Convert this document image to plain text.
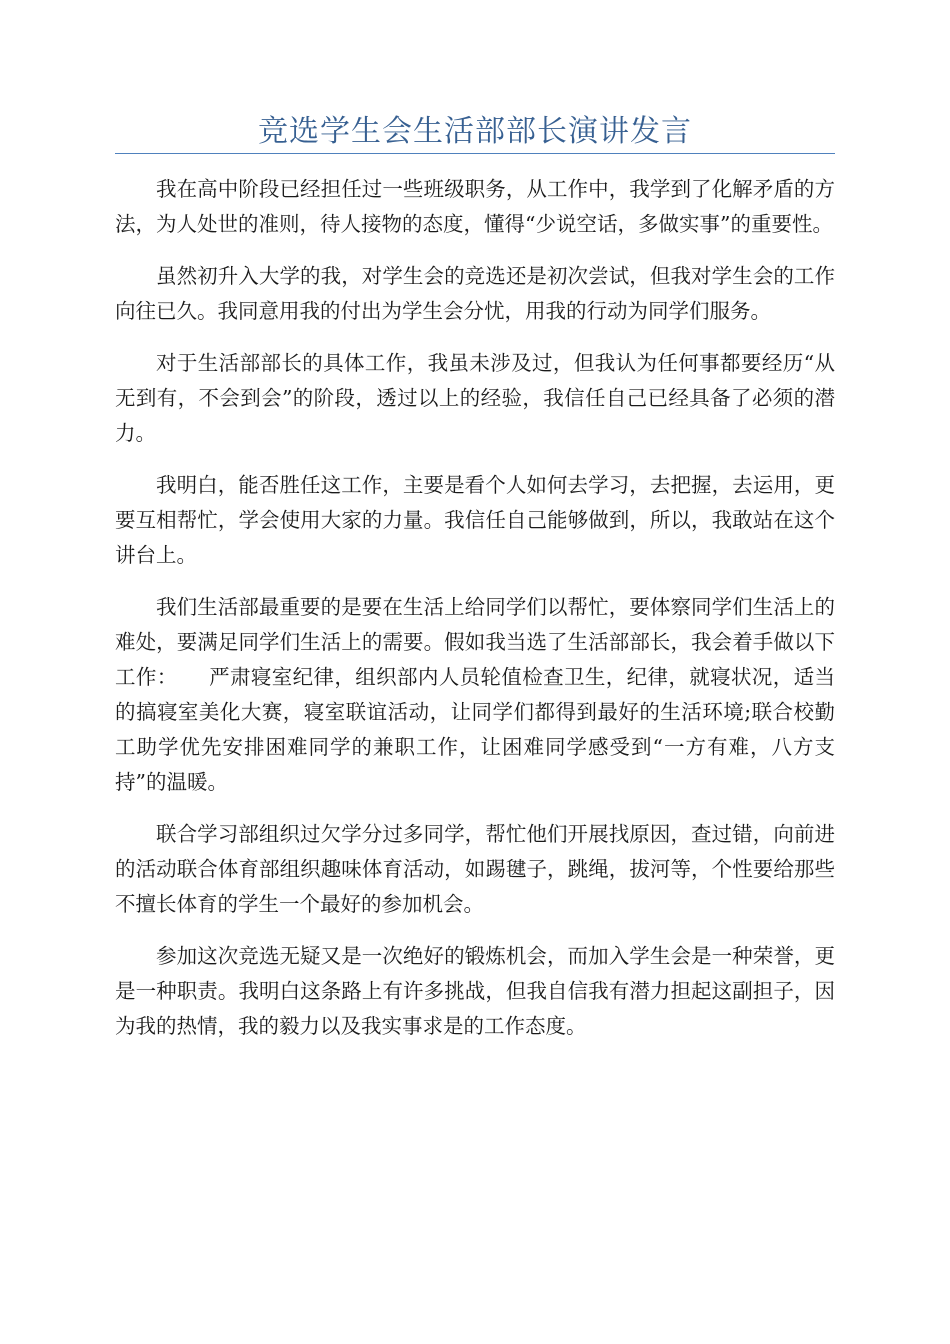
竞选学生会生活部部长演讲发言

我在高中阶段已经担任过一些班级职务，从工作中，我学到了化解矛盾的方法，为人处世的准则，待人接物的态度，懂得“少说空话，多做实事”的重要性。

虽然初升入大学的我，对学生会的竞选还是初次尝试，但我对学生会的工作向往已久。我同意用我的付出为学生会分忧，用我的行动为同学们服务。

对于生活部部长的具体工作，我虽未涉及过，但我认为任何事都要经历“从无到有，不会到会”的阶段，透过以上的经验，我信任自己已经具备了必须的潜力。

我明白，能否胜任这工作，主要是看个人如何去学习，去把握，去运用，更要互相帮忙，学会使用大家的力量。我信任自己能够做到，所以，我敢站在这个讲台上。

我们生活部最重要的是要在生活上给同学们以帮忙，要体察同学们生活上的难处，要满足同学们生活上的需要。假如我当选了生活部部长，我会着手做以下工作：　　严肃寝室纪律，组织部内人员轮值检查卫生，纪律，就寝状况，适当的搞寝室美化大赛，寝室联谊活动，让同学们都得到最好的生活环境;联合校勤工助学优先安排困难同学的兼职工作，让困难同学感受到“一方有难，八方支持”的温暖。

联合学习部组织过欠学分过多同学，帮忙他们开展找原因，查过错，向前进的活动联合体育部组织趣味体育活动，如踢毽子，跳绳，拔河等，个性要给那些不擅长体育的学生一个最好的参加机会。

参加这次竞选无疑又是一次绝好的锻炼机会，而加入学生会是一种荣誉，更是一种职责。我明白这条路上有许多挑战，但我自信我有潜力担起这副担子，因为我的热情，我的毅力以及我实事求是的工作态度。
